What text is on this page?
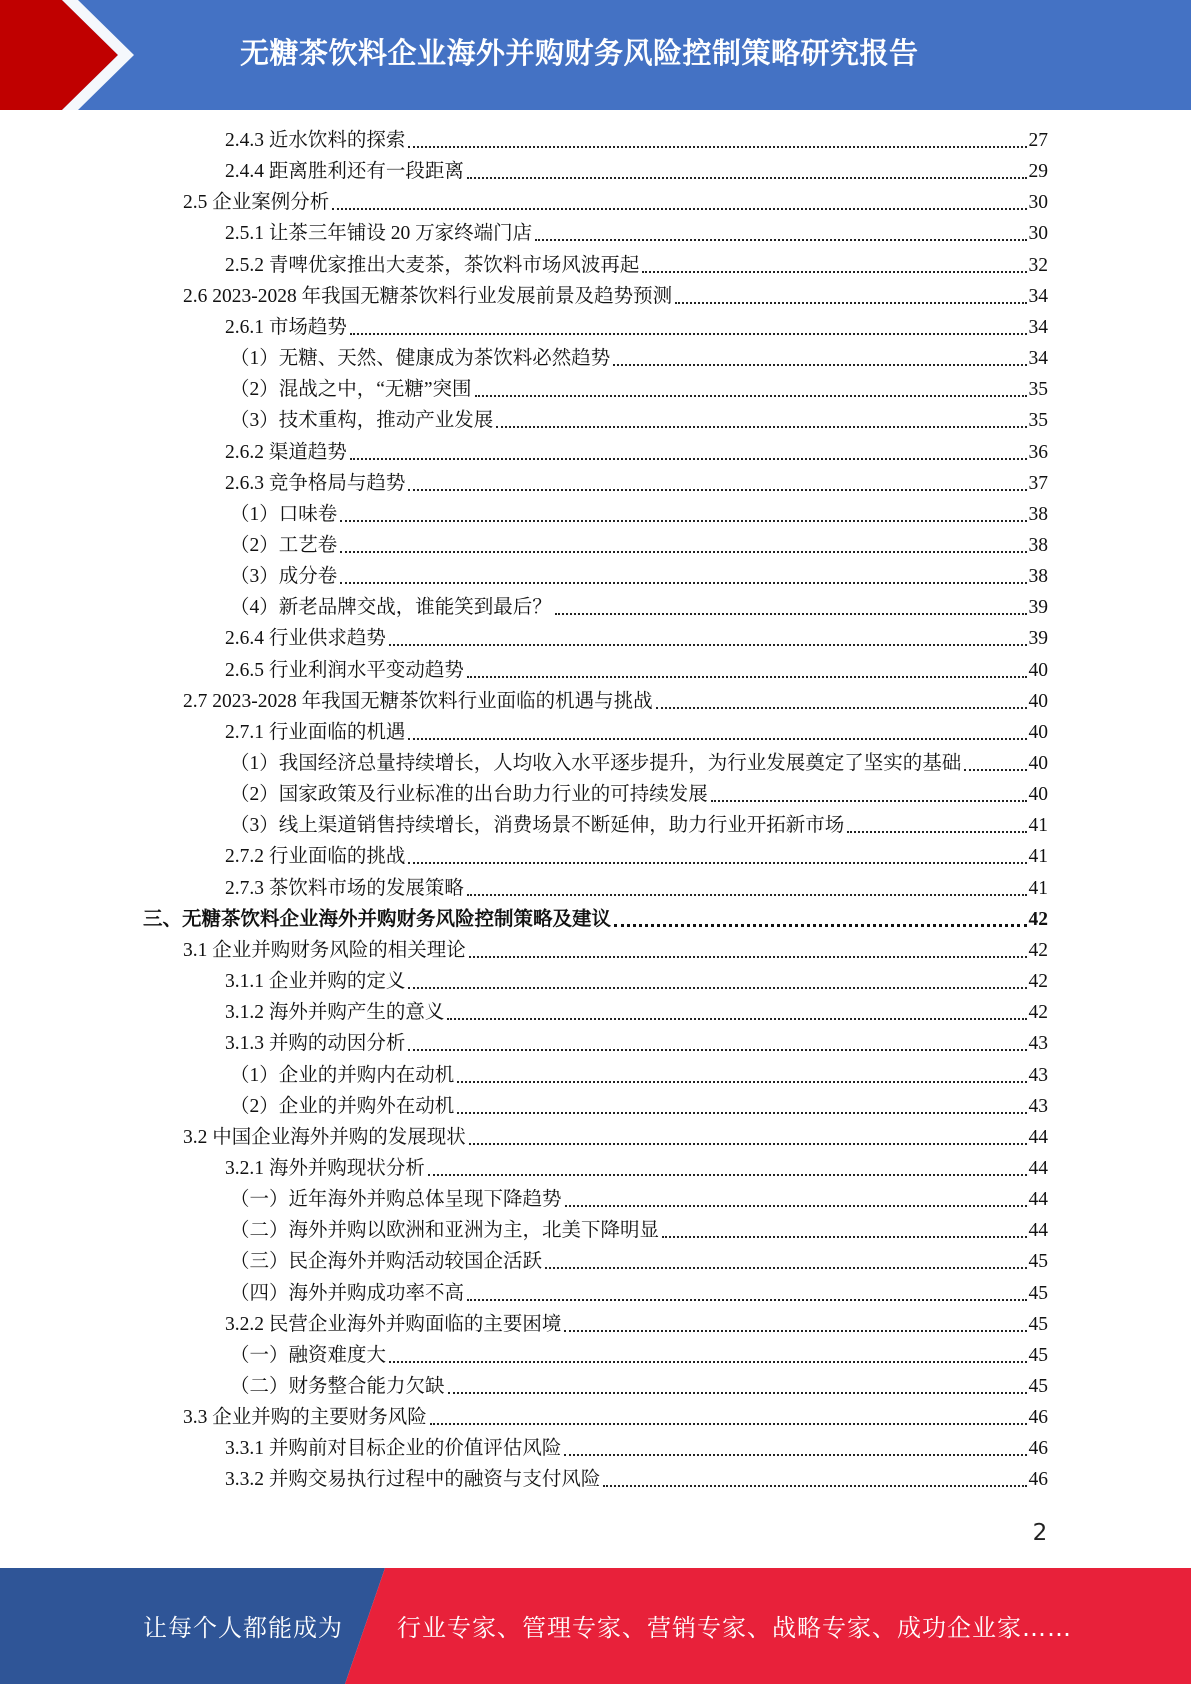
无糖茶饮料企业海外并购财务风险控制策略研究报告
2.4.3 近水饮料的探索	27
2.4.4 距离胜利还有一段距离	29
2.5 企业案例分析	30
2.5.1 让茶三年铺设 20 万家终端门店	30
2.5.2 青啤优家推出大麦茶，茶饮料市场风波再起	32
2.6 2023-2028 年我国无糖茶饮料行业发展前景及趋势预测	34
2.6.1 市场趋势	34
（1）无糖、天然、健康成为茶饮料必然趋势	34
（2）混战之中，“无糖”突围	35
（3）技术重构，推动产业发展	35
2.6.2 渠道趋势	36
2.6.3 竞争格局与趋势	37
（1）口味卷	38
（2）工艺卷	38
（3）成分卷	38
（4）新老品牌交战，谁能笑到最后？	39
2.6.4 行业供求趋势	39
2.6.5 行业利润水平变动趋势	40
2.7 2023-2028 年我国无糖茶饮料行业面临的机遇与挑战	40
2.7.1 行业面临的机遇	40
（1）我国经济总量持续增长，人均收入水平逐步提升，为行业发展奠定了坚实的基础	40
（2）国家政策及行业标准的出台助力行业的可持续发展	40
（3）线上渠道销售持续增长，消费场景不断延伸，助力行业开拓新市场	41
2.7.2 行业面临的挑战	41
2.7.3 茶饮料市场的发展策略	41
三、无糖茶饮料企业海外并购财务风险控制策略及建议	42
3.1 企业并购财务风险的相关理论	42
3.1.1 企业并购的定义	42
3.1.2 海外并购产生的意义	42
3.1.3 并购的动因分析	43
（1）企业的并购内在动机	43
（2）企业的并购外在动机	43
3.2 中国企业海外并购的发展现状	44
3.2.1 海外并购现状分析	44
（一）近年海外并购总体呈现下降趋势	44
（二）海外并购以欧洲和亚洲为主，北美下降明显	44
（三）民企海外并购活动较国企活跃	45
（四）海外并购成功率不高	45
3.2.2 民营企业海外并购面临的主要困境	45
（一）融资难度大	45
（二）财务整合能力欠缺	45
3.3 企业并购的主要财务风险	46
3.3.1 并购前对目标企业的价值评估风险	46
3.3.2 并购交易执行过程中的融资与支付风险	46
2
让每个人都能成为 行业专家、管理专家、营销专家、战略专家、成功企业家……
